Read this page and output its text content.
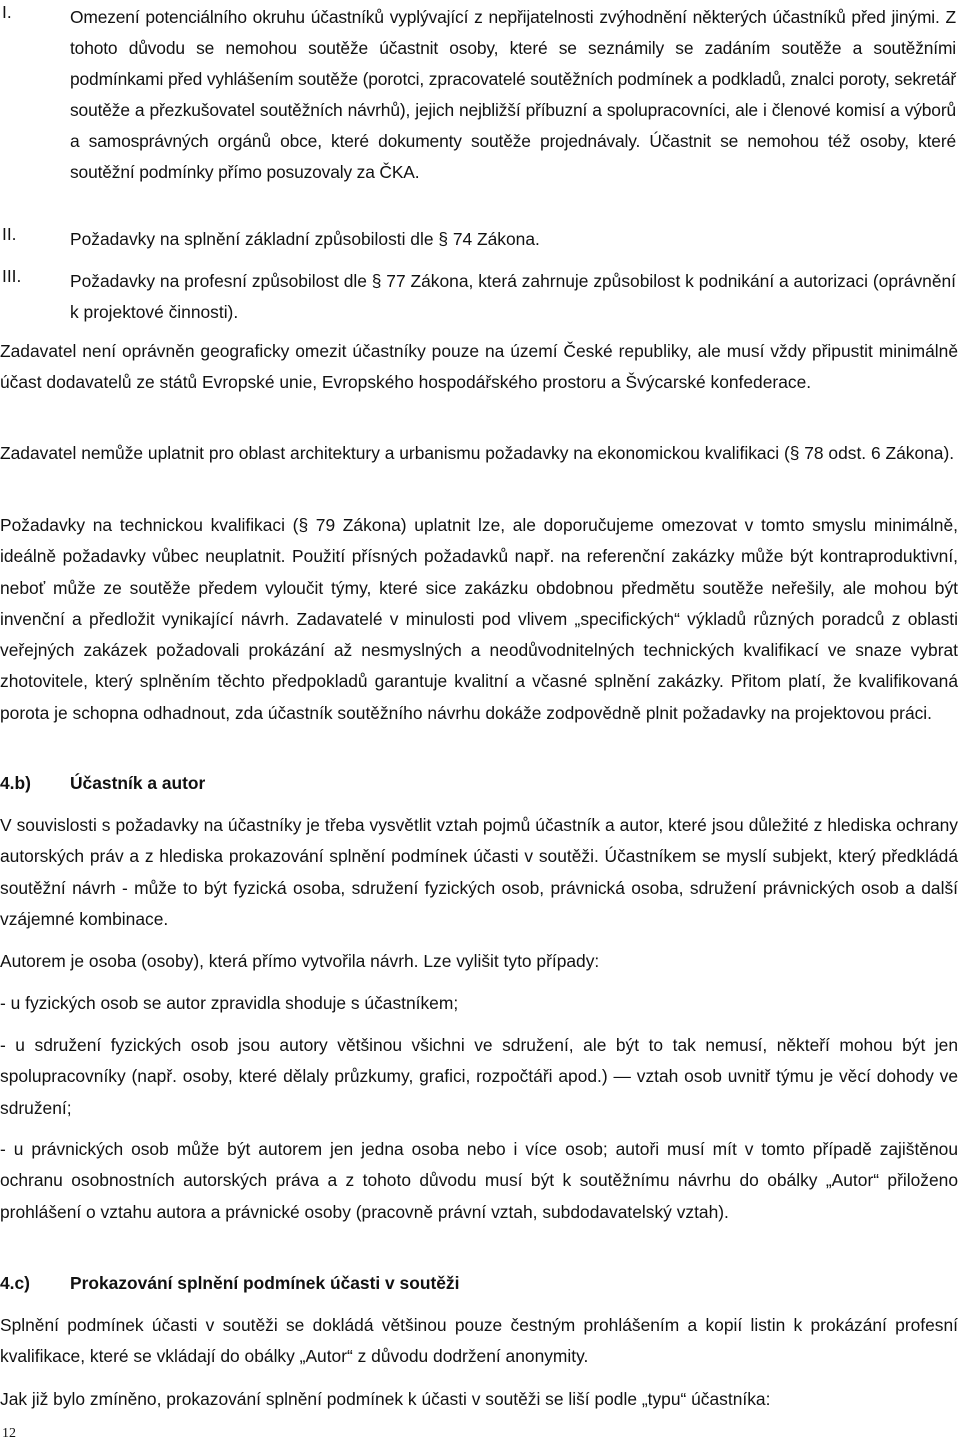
I.	Omezení potenciálního okruhu účastníků vyplývající z nepřijatelnosti zvýhodnění některých účastníků před jinými. Z tohoto důvodu se nemohou soutěže účastnit osoby, které se seznámily se zadáním soutěže a soutěžními podmínkami před vyhlášením soutěže (porotci, zpracovatelé soutěžních podmínek a podkladů, znalci poroty, sekretář soutěže a přezkušovatel soutěžních návrhů), jejich nejbližší příbuzní a spolupracovníci, ale i členové komisí a výborů a samosprávných orgánů obce, které dokumenty soutěže projednávaly. Účastnit se nemohou též osoby, které soutěžní podmínky přímo posuzovaly za ČKA.
II.	Požadavky na splnění základní způsobilosti dle § 74 Zákona.
III.	Požadavky na profesní způsobilost dle § 77 Zákona, která zahrnuje způsobilost k podnikání a autorizaci (oprávnění k projektové činnosti).
Zadavatel není oprávněn geograficky omezit účastníky pouze na území České republiky, ale musí vždy připustit minimálně účast dodavatelů ze států Evropské unie, Evropského hospodářského prostoru a Švýcarské konfederace.
Zadavatel nemůže uplatnit pro oblast architektury a urbanismu požadavky na ekonomickou kvalifikaci (§ 78 odst. 6 Zákona).
Požadavky na technickou kvalifikaci (§ 79 Zákona) uplatnit lze, ale doporučujeme omezovat v tomto smyslu minimálně, ideálně požadavky vůbec neuplatnit. Použití přísných požadavků např. na referenční zakázky může být kontraproduktivní, neboť může ze soutěže předem vyloučit týmy, které sice zakázku obdobnou předmětu soutěže neřešily, ale mohou být invenční a předložit vynikající návrh. Zadavatelé v minulosti pod vlivem „specifických“ výkladů různých poradců z oblasti veřejných zakázek požadovali prokázání až nesmyslných a neodůvodnitelných technických kvalifikací ve snaze vybrat zhotovitele, který splněním těchto předpokladů garantuje kvalitní a včasné splnění zakázky. Přitom platí, že kvalifikovaná porota je schopna odhadnout, zda účastník soutěžního návrhu dokáže zodpovědně plnit požadavky na projektovou práci.
4.b) Účastník a autor
V souvislosti s požadavky na účastníky je třeba vysvětlit vztah pojmů účastník a autor, které jsou důležité z hlediska ochrany autorských práv a z hlediska prokazování splnění podmínek účasti v soutěži. Účastníkem se myslí subjekt, který předkládá soutěžní návrh - může to být fyzická osoba, sdružení fyzických osob, právnická osoba, sdružení právnických osob a další vzájemné kombinace.
Autorem je osoba (osoby), která přímo vytvořila návrh. Lze vylišit tyto případy:
- u fyzických osob se autor zpravidla shoduje s účastníkem;
- u sdružení fyzických osob jsou autory většinou všichni ve sdružení, ale být to tak nemusí, někteří mohou být jen spolupracovníky (např. osoby, které dělaly průzkumy, grafici, rozpočtáři apod.) — vztah osob uvnitř týmu je věcí dohody ve sdružení;
- u právnických osob může být autorem jen jedna osoba nebo i více osob; autoři musí mít v tomto případě zajištěnou ochranu osobnostních autorských práva a z tohoto důvodu musí být k soutěžnímu návrhu do obálky „Autor“ přiloženo prohlášení o vztahu autora a právnické osoby (pracovně právní vztah, subdodavatelský vztah).
4.c) Prokazování splnění podmínek účasti v soutěži
Splnění podmínek účasti v soutěži se dokládá většinou pouze čestným prohlášením a kopií listin k prokázání profesní kvalifikace, které se vkládají do obálky „Autor“ z důvodu dodržení anonymity.
Jak již bylo zmíněno, prokazování splnění podmínek k účasti v soutěži se liší podle „typu“ účastníka:
12
